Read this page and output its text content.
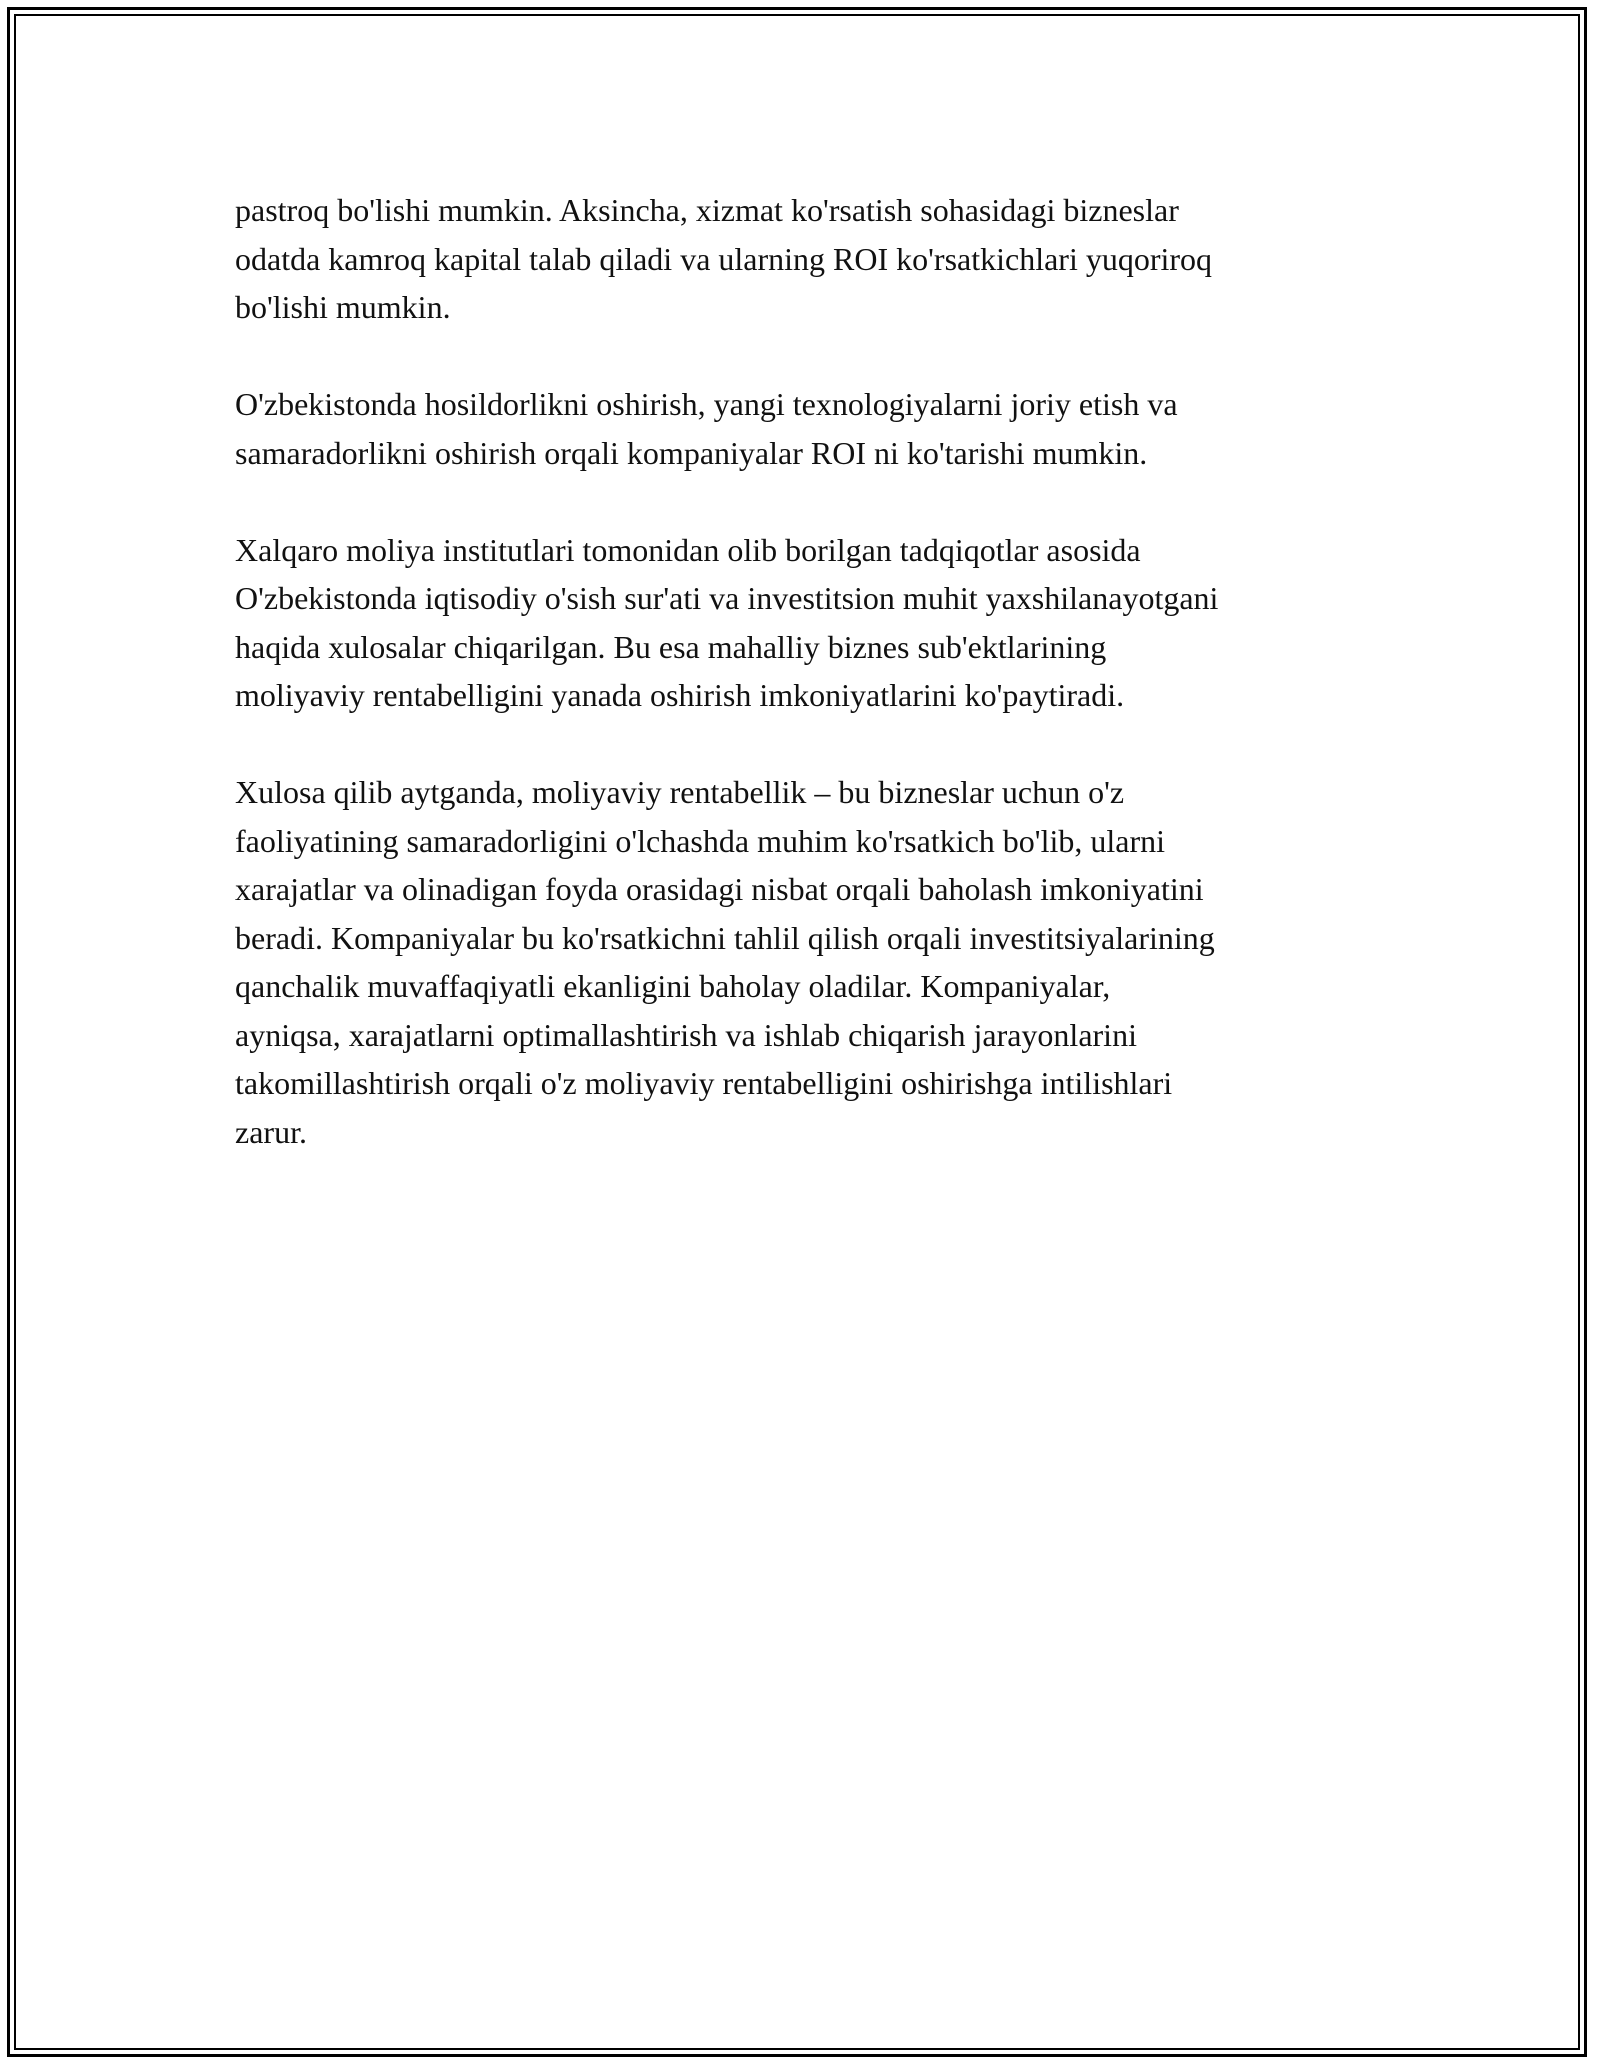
pastroq bo'lishi mumkin. Aksincha, xizmat ko'rsatish sohasidagi bizneslar
odatda kamroq kapital talab qiladi va ularning ROI ko'rsatkichlari yuqoriroq
bo'lishi mumkin.

O'zbekistonda hosildorlikni oshirish, yangi texnologiyalarni joriy etish va
samaradorlikni oshirish orqali kompaniyalar ROI ni ko'tarishi mumkin.

Xalqaro moliya institutlari tomonidan olib borilgan tadqiqotlar asosida
O'zbekistonda iqtisodiy o'sish sur'ati va investitsion muhit yaxshilanayotgani
haqida xulosalar chiqarilgan. Bu esa mahalliy biznes sub'ektlarining
moliyaviy rentabelligini yanada oshirish imkoniyatlarini ko'paytiradi.

Xulosa qilib aytganda, moliyaviy rentabellik – bu bizneslar uchun o'z
faoliyatining samaradorligini o'lchashda muhim ko'rsatkich bo'lib, ularni
xarajatlar va olinadigan foyda orasidagi nisbat orqali baholash imkoniyatini
beradi. Kompaniyalar bu ko'rsatkichni tahlil qilish orqali investitsiyalarining
qanchalik muvaffaqiyatli ekanligini baholay oladilar. Kompaniyalar,
ayniqsa, xarajatlarni optimallashtirish va ishlab chiqarish jarayonlarini
takomillashtirish orqali o'z moliyaviy rentabelligini oshirishga intilishlari
zarur.
